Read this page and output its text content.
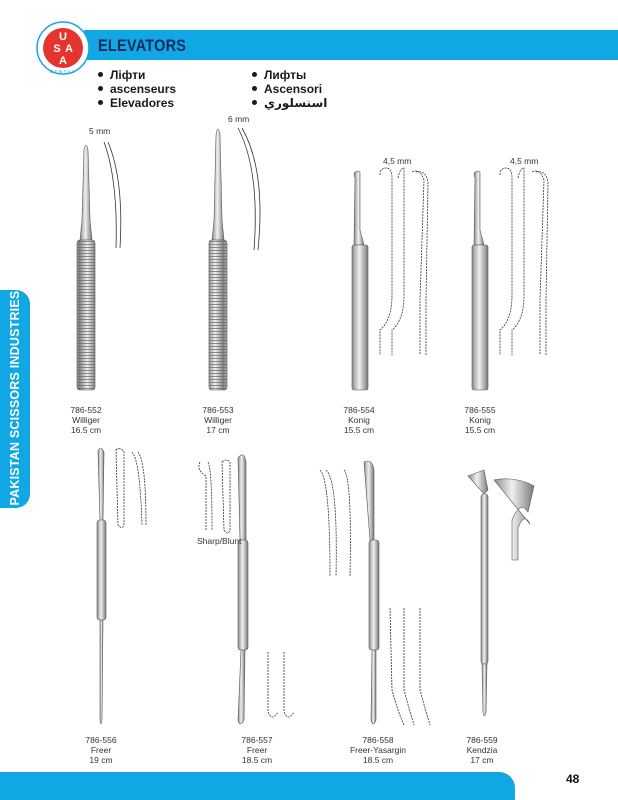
ELEVATORS
U
S A
A
DENTAL
PAKISTAN SCISSORS INDUSTRIES
Ліфти
ascenseurs
Elevadores
Лифты
Ascensori
اسنسلوري
5 mm
6 mm
4,5 mm	4,5 mm
Sharp/Blunt
786-552
Williger
16.5 cm
786-553
Williger
17 cm
786-554
Konig
15.5 cm
786-555
Konig
15.5 cm
786-556
Freer
19 cm
786-557
Freer
18.5 cm
786-558
Freer-Yasargin
18.5 cm
786-559
Kendzia
17 cm
48
